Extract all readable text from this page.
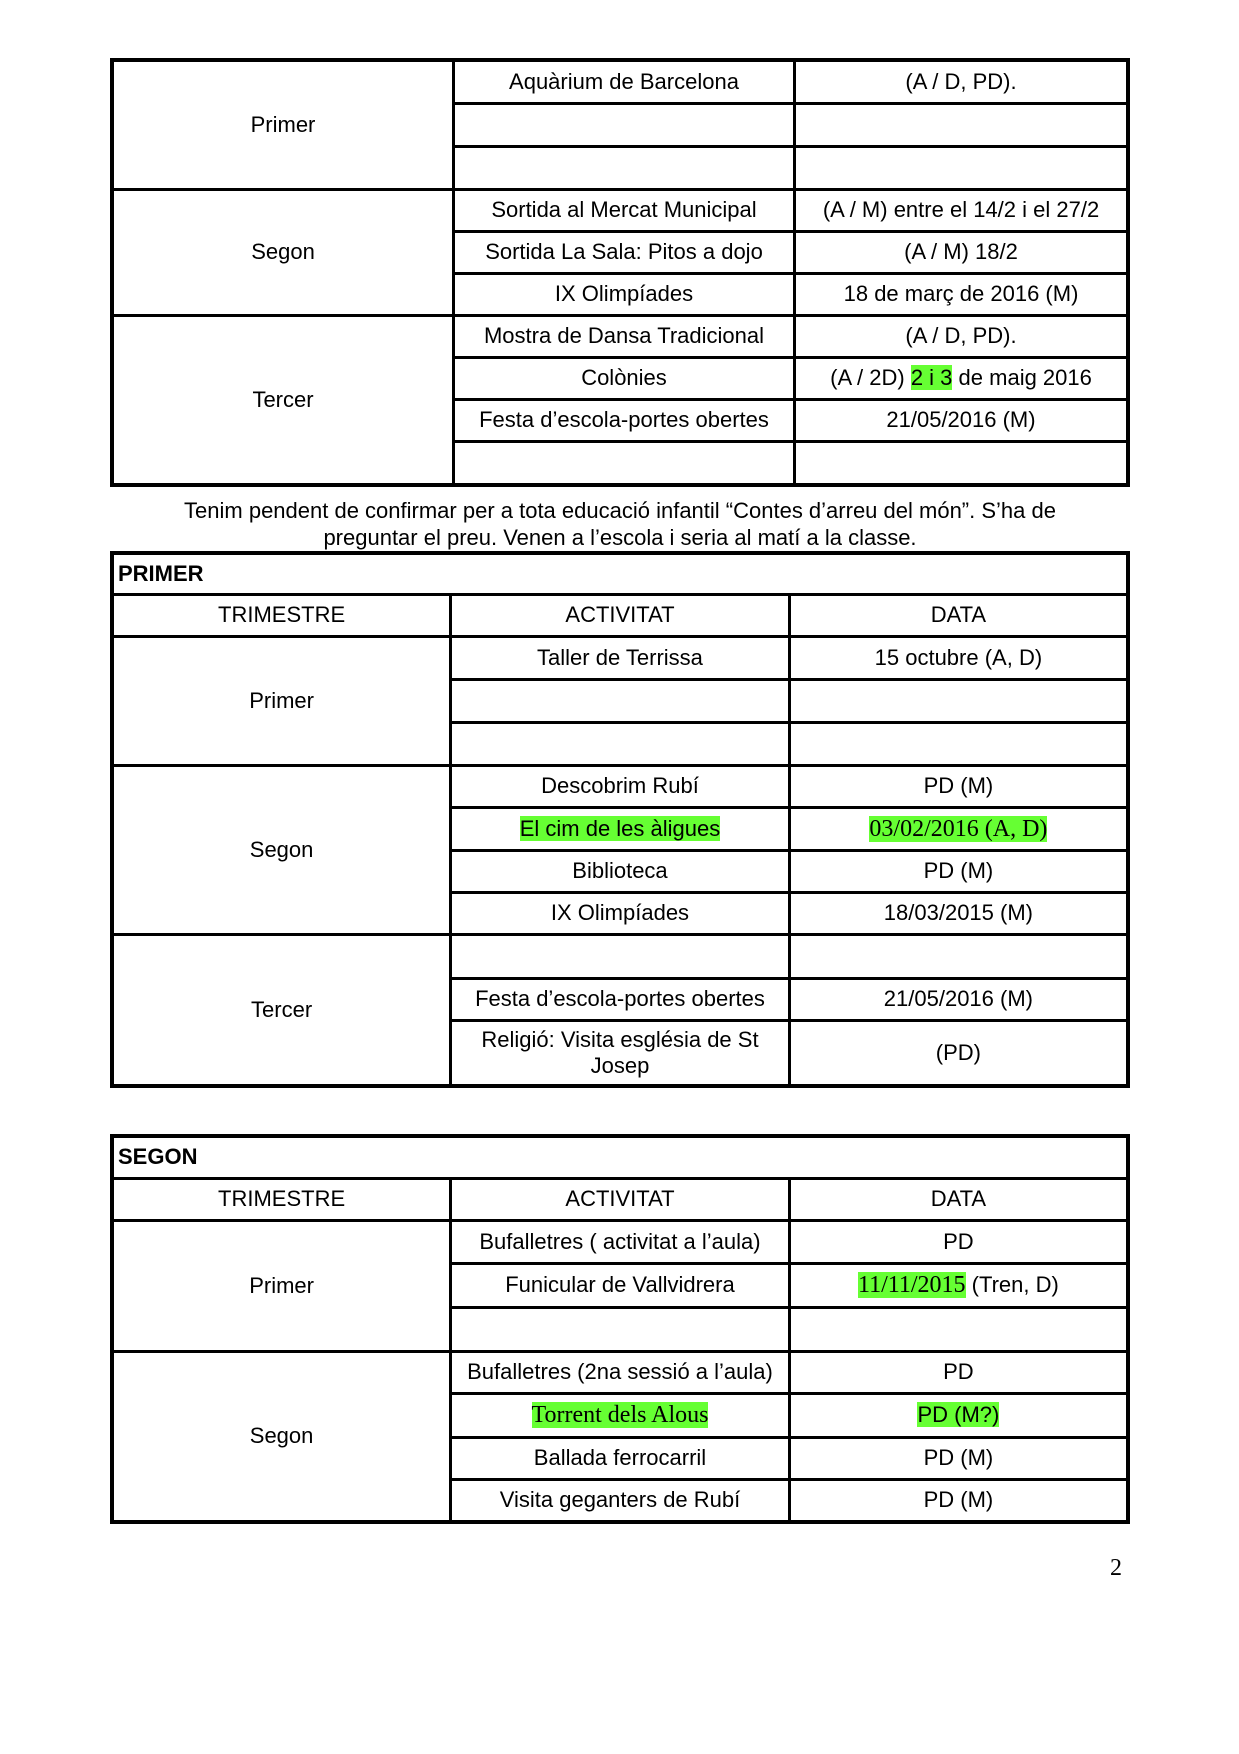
Primer	Aquàrium de Barcelona	(A / D, PD).

Segon	Sortida al Mercat Municipal	(A / M) entre el 14/2 i el 27/2
	Sortida La Sala: Pitos a dojo	(A / M) 18/2
	IX Olimpíades	18 de març de 2016 (M)
Tercer	Mostra de Dansa Tradicional	(A / D, PD).
	Colònies	(A / 2D) 2 i 3 de maig 2016
	Festa d’escola-portes obertes	21/05/2016 (M)

Tenim pendent de confirmar per a tota educació infantil “Contes d’arreu del món”. S’ha de
preguntar el preu. Venen a l’escola i seria al matí a la classe.
PRIMER		
TRIMESTRE	ACTIVITAT	DATA
Primer	Taller de Terrissa	15 octubre (A, D)

Segon	Descobrim Rubí	PD (M)
	El cim de les àligues	03/02/2016 (A, D)
	Biblioteca	PD (M)
	IX Olimpíades	18/03/2015 (M)
Tercer		
	Festa d’escola-portes obertes	21/05/2016 (M)
	Religió: Visita església de St Josep	(PD)
SEGON		
TRIMESTRE	ACTIVITAT	DATA
Primer	Bufalletres ( activitat a l’aula)	PD
	Funicular de Vallvidrera	11/11/2015 (Tren, D)

Segon	Bufalletres (2na sessió a l’aula)	PD
	Torrent dels Alous	PD (M?)
	Ballada ferrocarril	PD (M)
	Visita geganters de Rubí	PD (M)
2
